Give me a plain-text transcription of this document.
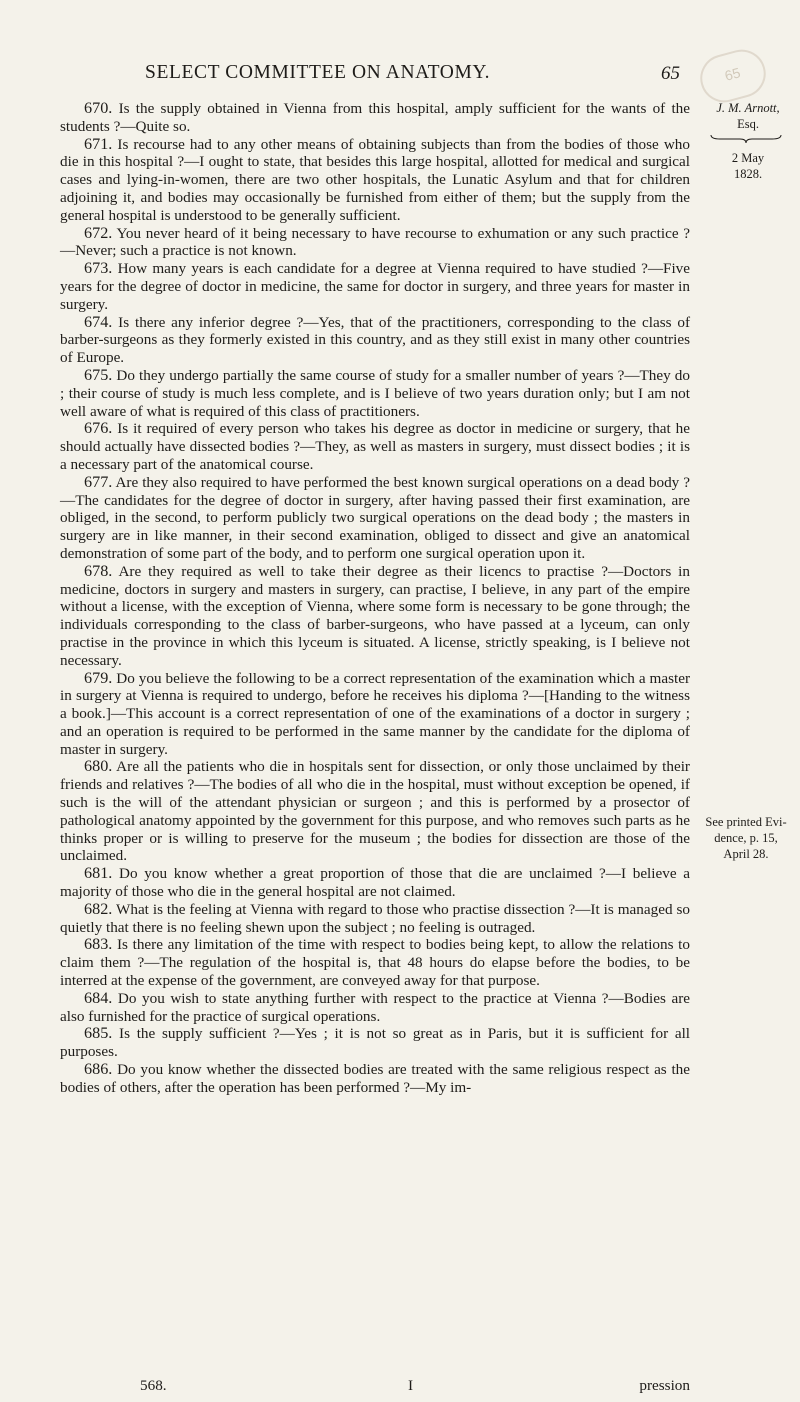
SELECT COMMITTEE ON ANATOMY.	65	65

670. Is the supply obtained in Vienna from this hospital, amply sufficient for the wants of the students ?—Quite so.

671. Is recourse had to any other means of obtaining subjects than from the bodies of those who die in this hospital ?—I ought to state, that besides this large hospital, allotted for medical and surgical cases and lying-in-women, there are two other hospitals, the Lunatic Asylum and that for children adjoining it, and bodies may occasionally be furnished from either of them; but the supply from the general hospital is understood to be generally sufficient.

672. You never heard of it being necessary to have recourse to exhumation or any such practice ?—Never; such a practice is not known.

673. How many years is each candidate for a degree at Vienna required to have studied ?—Five years for the degree of doctor in medicine, the same for doctor in surgery, and three years for master in surgery.

674. Is there any inferior degree ?—Yes, that of the practitioners, corresponding to the class of barber-surgeons as they formerly existed in this country, and as they still exist in many other countries of Europe.

675. Do they undergo partially the same course of study for a smaller number of years ?—They do ; their course of study is much less complete, and is I believe of two years duration only; but I am not well aware of what is required of this class of practitioners.

676. Is it required of every person who takes his degree as doctor in medicine or surgery, that he should actually have dissected bodies ?—They, as well as masters in surgery, must dissect bodies ; it is a necessary part of the anatomical course.

677. Are they also required to have performed the best known surgical operations on a dead body ?—The candidates for the degree of doctor in surgery, after having passed their first examination, are obliged, in the second, to perform publicly two surgical operations on the dead body ; the masters in surgery are in like manner, in their second examination, obliged to dissect and give an anatomical demonstration of some part of the body, and to perform one surgical operation upon it.

678. Are they required as well to take their degree as their licencs to practise ?—Doctors in medicine, doctors in surgery and masters in surgery, can practise, I believe, in any part of the empire without a license, with the exception of Vienna, where some form is necessary to be gone through; the individuals corresponding to the class of barber-surgeons, who have passed at a lyceum, can only practise in the province in which this lyceum is situated. A license, strictly speaking, is I believe not necessary.

679. Do you believe the following to be a correct representation of the examination which a master in surgery at Vienna is required to undergo, before he receives his diploma ?—[Handing to the witness a book.]—This account is a correct representation of one of the examinations of a doctor in surgery ; and an operation is required to be performed in the same manner by the candidate for the diploma of master in surgery.

680. Are all the patients who die in hospitals sent for dissection, or only those unclaimed by their friends and relatives ?—The bodies of all who die in the hospital, must without exception be opened, if such is the will of the attendant physician or surgeon ; and this is performed by a prosector of pathological anatomy appointed by the government for this purpose, and who removes such parts as he thinks proper or is willing to preserve for the museum ; the bodies for dissection are those of the unclaimed.

681. Do you know whether a great proportion of those that die are unclaimed ?—I believe a majority of those who die in the general hospital are not claimed.

682. What is the feeling at Vienna with regard to those who practise dissection ?—It is managed so quietly that there is no feeling shewn upon the subject ; no feeling is outraged.

683. Is there any limitation of the time with respect to bodies being kept, to allow the relations to claim them ?—The regulation of the hospital is, that 48 hours do elapse before the bodies, to be interred at the expense of the government, are conveyed away for that purpose.

684. Do you wish to state anything further with respect to the practice at Vienna ?—Bodies are also furnished for the practice of surgical operations.

685. Is the supply sufficient ?—Yes ; it is not so great as in Paris, but it is sufficient for all purposes.

686. Do you know whether the dissected bodies are treated with the same religious respect as the bodies of others, after the operation has been performed ?—My im-

J. M. Arnott,
Esq.
2 May
1828.
See printed Evi-
dence, p. 15,
April 28.
568.	I	pression
